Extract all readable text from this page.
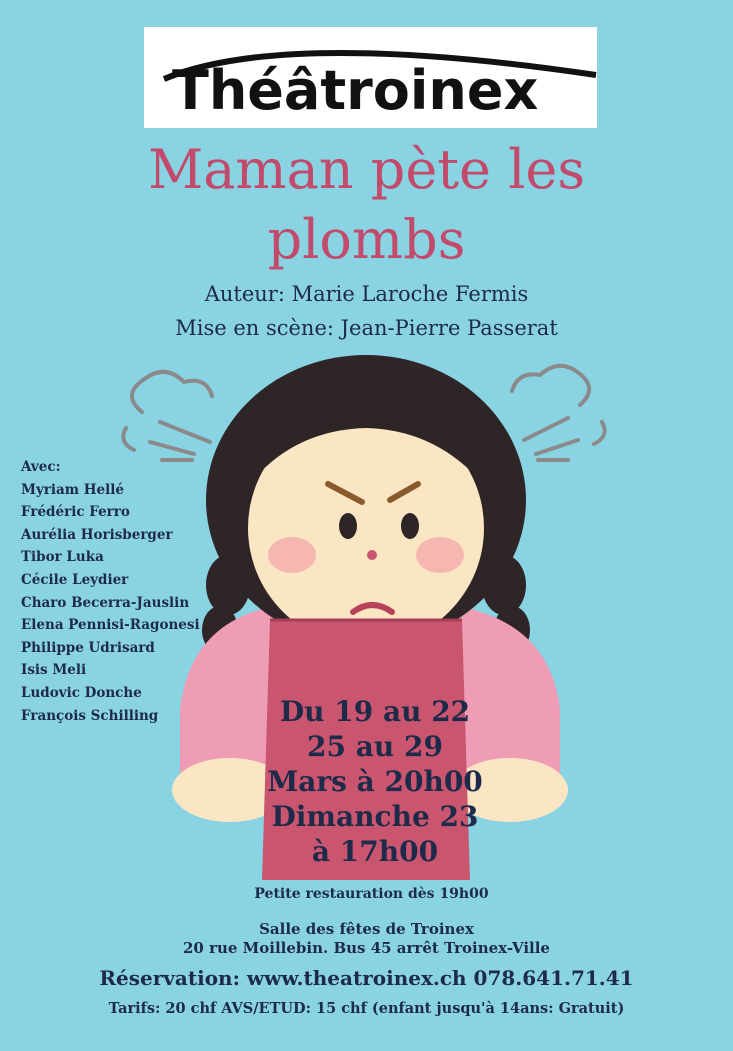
Théâtroinex
Maman pète les
plombs
Auteur: Marie Laroche Fermis
Mise en scène: Jean-Pierre Passerat
Avec:
Myriam Hellé
Frédéric Ferro
Aurélia Horisberger
Tibor Luka
Cécile Leydier
Charo Becerra-Jauslin
Elena Pennisi-Ragonesi
Philippe Udrisard
Isis Meli
Ludovic Donche
François Schilling	Du 19 au 22
25 au 29
Mars à 20h00
Dimanche 23
à 17h00
Petite restauration dès 19h00
Salle des fêtes de Troinex
20 rue Moillebin. Bus 45 arrêt Troinex-Ville
Réservation: www.theatroinex.ch 078.641.71.41
Tarifs: 20 chf AVS/ETUD: 15 chf (enfant jusqu'à 14ans: Gratuit)
